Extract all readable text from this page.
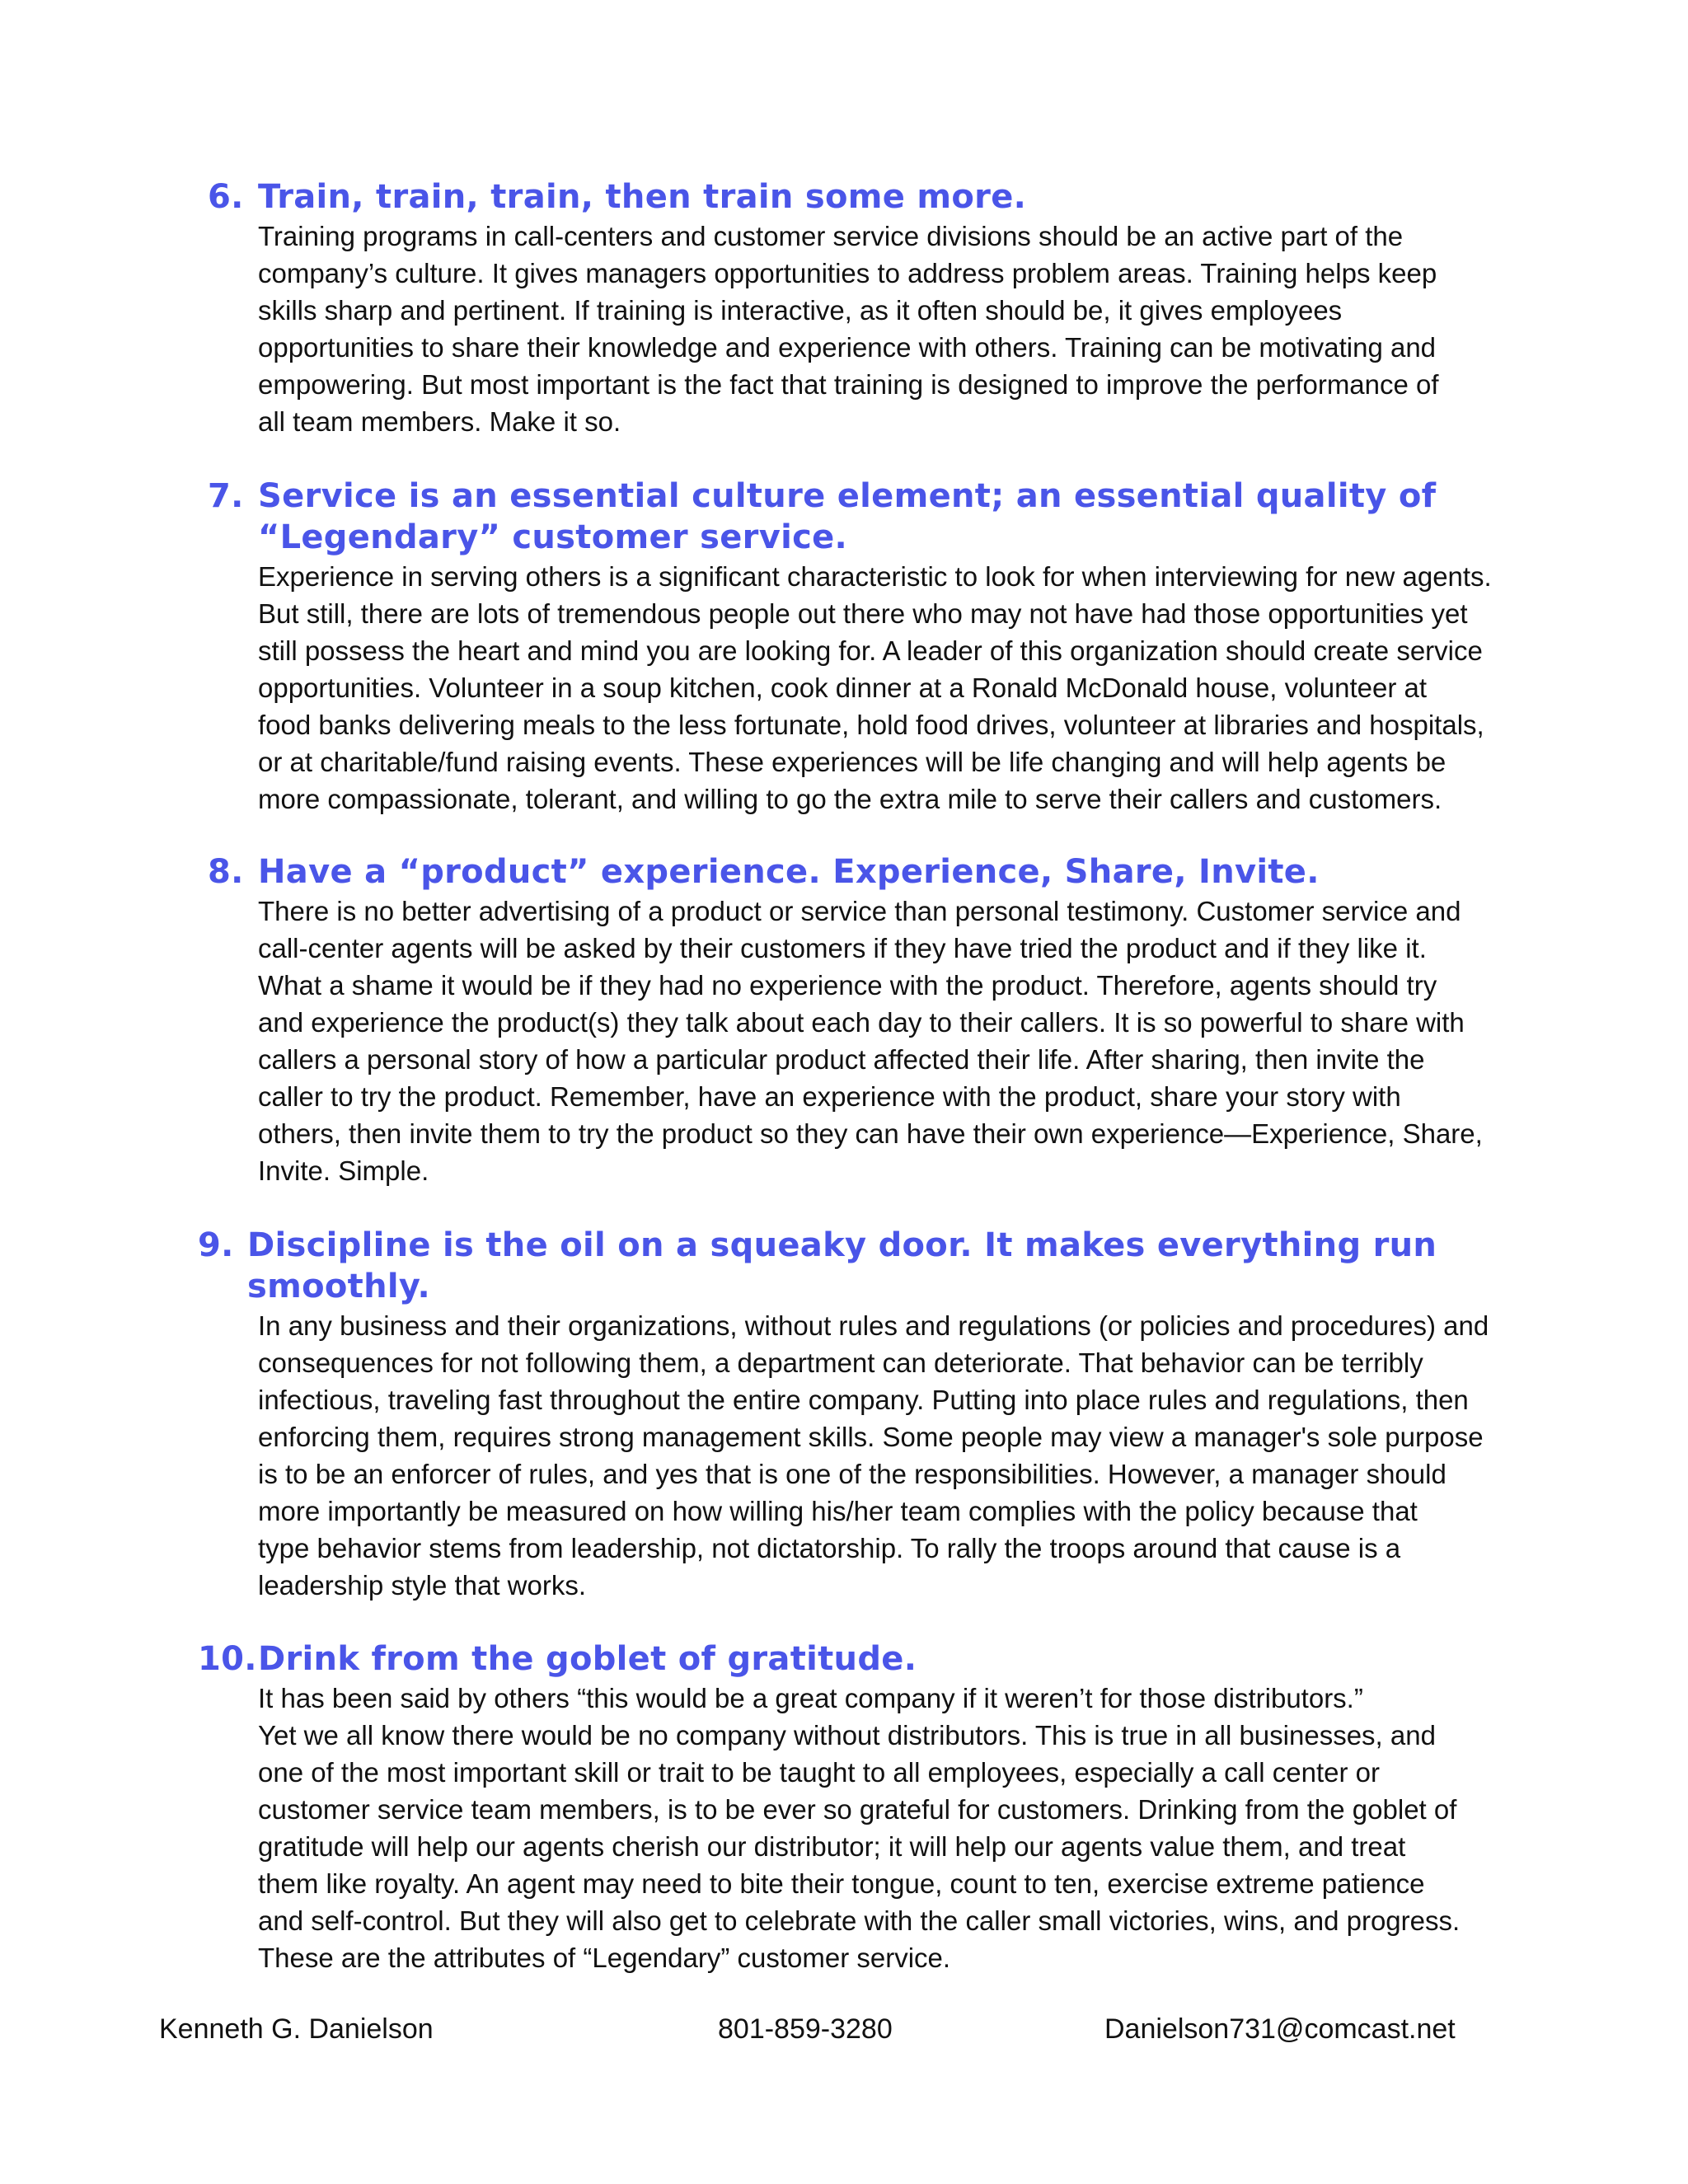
6. Train, train, train, then train some more.

Training programs in call-centers and customer service divisions should be an active part of the
company’s culture. It gives managers opportunities to address problem areas. Training helps keep
skills sharp and pertinent. If training is interactive, as it often should be, it gives employees
opportunities to share their knowledge and experience with others. Training can be motivating and
empowering. But most important is the fact that training is designed to improve the performance of
all team members. Make it so.

7. Service is an essential culture element; an essential quality of
“Legendary” customer service.

Experience in serving others is a significant characteristic to look for when interviewing for new agents.
But still, there are lots of tremendous people out there who may not have had those opportunities yet
still possess the heart and mind you are looking for. A leader of this organization should create service
opportunities. Volunteer in a soup kitchen, cook dinner at a Ronald McDonald house, volunteer at
food banks delivering meals to the less fortunate, hold food drives, volunteer at libraries and hospitals,
or at charitable/fund raising events. These experiences will be life changing and will help agents be
more compassionate, tolerant, and willing to go the extra mile to serve their callers and customers.

8. Have a “product” experience. Experience, Share, Invite.

There is no better advertising of a product or service than personal testimony. Customer service and
call-center agents will be asked by their customers if they have tried the product and if they like it.
What a shame it would be if they had no experience with the product. Therefore, agents should try
and experience the product(s) they talk about each day to their callers. It is so powerful to share with
callers a personal story of how a particular product affected their life. After sharing, then invite the
caller to try the product. Remember, have an experience with the product, share your story with
others, then invite them to try the product so they can have their own experience—Experience, Share,
Invite. Simple.

9. Discipline is the oil on a squeaky door. It makes everything run
smoothly.

In any business and their organizations, without rules and regulations (or policies and procedures) and
consequences for not following them, a department can deteriorate. That behavior can be terribly
infectious, traveling fast throughout the entire company. Putting into place rules and regulations, then
enforcing them, requires strong management skills. Some people may view a manager's sole purpose
is to be an enforcer of rules, and yes that is one of the responsibilities. However, a manager should
more importantly be measured on how willing his/her team complies with the policy because that
type behavior stems from leadership, not dictatorship. To rally the troops around that cause is a
leadership style that works.

10. Drink from the goblet of gratitude.

It has been said by others “this would be a great company if it weren’t for those distributors.”
Yet we all know there would be no company without distributors. This is true in all businesses, and
one of the most important skill or trait to be taught to all employees, especially a call center or
customer service team members, is to be ever so grateful for customers. Drinking from the goblet of
gratitude will help our agents cherish our distributor; it will help our agents value them, and treat
them like royalty. An agent may need to bite their tongue, count to ten, exercise extreme patience
and self-control. But they will also get to celebrate with the caller small victories, wins, and progress.
These are the attributes of “Legendary” customer service.

Kenneth G. Danielson	801-859-3280	Danielson731@comcast.net
